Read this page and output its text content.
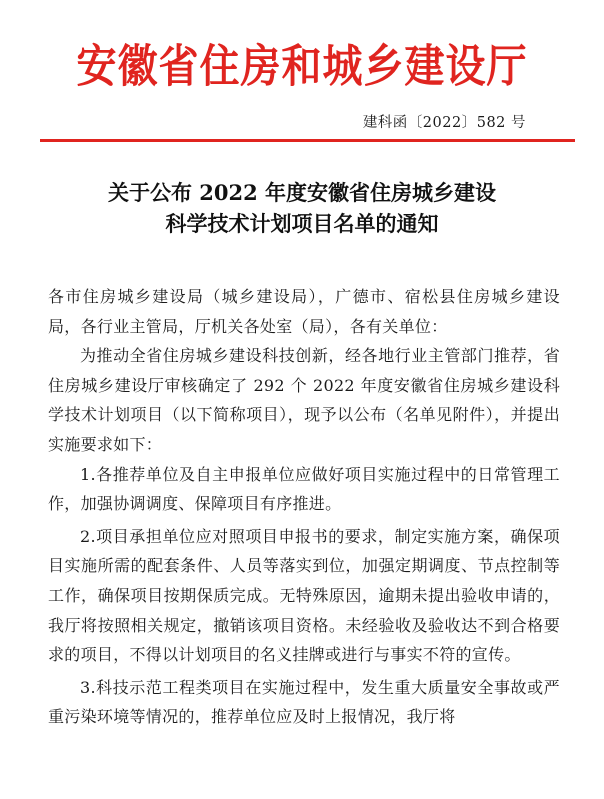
安徽省住房和城乡建设厅
建科函〔2022〕582 号
关于公布 2022 年度安徽省住房城乡建设
科学技术计划项目名单的通知

各市住房城乡建设局（城乡建设局），广德市、宿松县住房城乡建设局，各行业主管局，厅机关各处室（局），各有关单位：

为推动全省住房城乡建设科技创新，经各地行业主管部门推荐，省住房城乡建设厅审核确定了 292 个 2022 年度安徽省住房城乡建设科学技术计划项目（以下简称项目），现予以公布（名单见附件），并提出实施要求如下：

1.各推荐单位及自主申报单位应做好项目实施过程中的日常管理工作，加强协调调度、保障项目有序推进。

2.项目承担单位应对照项目申报书的要求，制定实施方案，确保项目实施所需的配套条件、人员等落实到位，加强定期调度、节点控制等工作，确保项目按期保质完成。无特殊原因，逾期未提出验收申请的，我厅将按照相关规定，撤销该项目资格。未经验收及验收达不到合格要求的项目，不得以计划项目的名义挂牌或进行与事实不符的宣传。

3.科技示范工程类项目在实施过程中，发生重大质量安全事故或严重污染环境等情况的，推荐单位应及时上报情况，我厅将
